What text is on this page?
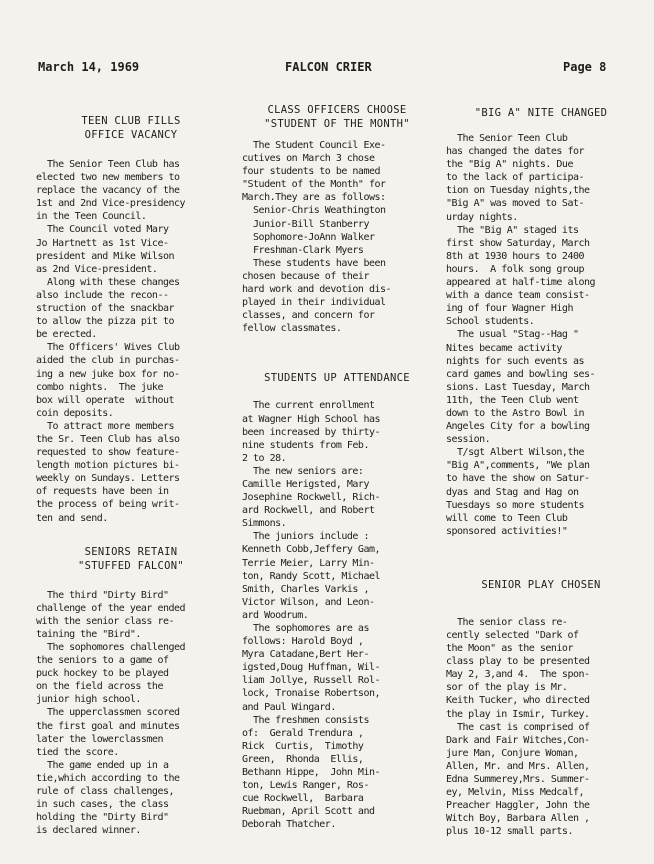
March 14, 1969	FALCON CRIER	Page 8

TEEN CLUB FILLS

OFFICE VACANCY

The Senior Teen Club has

elected two new members to

replace the vacancy of the

1st and 2nd Vice-presidency

in the Teen Council.

The Council voted Mary

Jo Hartnett as 1st Vice-

president and Mike Wilson

as 2nd Vice-president.

Along with these changes

also include the recon--

struction of the snackbar

to allow the pizza pit to

be erected.

The Officers' Wives Club

aided the club in purchas-

ing a new juke box for no-

combo nights.  The juke

box will operate  without

coin deposits.

To attract more members

the Sr. Teen Club has also

requested to show feature-

length motion pictures bi-

weekly on Sundays. Letters

of requests have been in

the process of being writ-

ten and send.

SENIORS RETAIN

"STUFFED FALCON"

The third "Dirty Bird"

challenge of the year ended

with the senior class re-

taining the "Bird".

The sophomores challenged

the seniors to a game of

puck hockey to be played

on the field across the

junior high school.

The upperclassmen scored

the first goal and minutes

later the lowerclassmen

tied the score.

The game ended up in a

tie,which according to the

rule of class challenges,

in such cases, the class

holding the "Dirty Bird"

is declared winner.

CLASS OFFICERS CHOOSE

"STUDENT OF THE MONTH"

The Student Council Exe-

cutives on March 3 chose

four students to be named

"Student of the Month" for

March.They are as follows:

Senior-Chris Weathington

Junior-Bill Stanberry

Sophomore-JoAnn Walker

Freshman-Clark Myers

These students have been

chosen because of their

hard work and devotion dis-

played in their individual

classes, and concern for

fellow classmates.

STUDENTS UP ATTENDANCE

The current enrollment

at Wagner High School has

been increased by thirty-

nine students from Feb.

2 to 28.

The new seniors are:

Camille Herigsted, Mary

Josephine Rockwell, Rich-

ard Rockwell, and Robert

Simmons.

The juniors include :

Kenneth Cobb,Jeffery Gam,

Terrie Meier, Larry Min-

ton, Randy Scott, Michael

Smith, Charles Varkis ,

Victor Wilson, and Leon-

ard Woodrum.

The sophomores are as

follows: Harold Boyd ,

Myra Catadane,Bert Her-

igsted,Doug Huffman, Wil-

liam Jollye, Russell Rol-

lock, Tronaise Robertson,

and Paul Wingard.

The freshmen consists

of:  Gerald Trendura ,

Rick  Curtis,  Timothy

Green,  Rhonda  Ellis,

Bethann Hippe,  John Min-

ton, Lewis Ranger, Ros-

cue Rockwell,  Barbara

Ruebman, April Scott and

Deborah Thatcher.

"BIG A" NITE CHANGED

The Senior Teen Club

has changed the dates for

the "Big A" nights. Due

to the lack of participa-

tion on Tuesday nights,the

"Big A" was moved to Sat-

urday nights.

The "Big A" staged its

first show Saturday, March

8th at 1930 hours to 2400

hours.  A folk song group

appeared at half-time along

with a dance team consist-

ing of four Wagner High

School students.

The usual "Stag--Hag "

Nites became activity

nights for such events as

card games and bowling ses-

sions. Last Tuesday, March

11th, the Teen Club went

down to the Astro Bowl in

Angeles City for a bowling

session.

T/sgt Albert Wilson,the

"Big A",comments, "We plan

to have the show on Satur-

dyas and Stag and Hag on

Tuesdays so more students

will come to Teen Club

sponsored activities!"

SENIOR PLAY CHOSEN

The senior class re-

cently selected "Dark of

the Moon" as the senior

class play to be presented

May 2, 3,and 4.  The spon-

sor of the play is Mr.

Keith Tucker, who directed

the play in Ismir, Turkey.

The cast is comprised of

Dark and Fair Witches,Con-

jure Man, Conjure Woman,

Allen, Mr. and Mrs. Allen,

Edna Summerey,Mrs. Summer-

ey, Melvin, Miss Medcalf,

Preacher Haggler, John the

Witch Boy, Barbara Allen ,

plus 10-12 small parts.
